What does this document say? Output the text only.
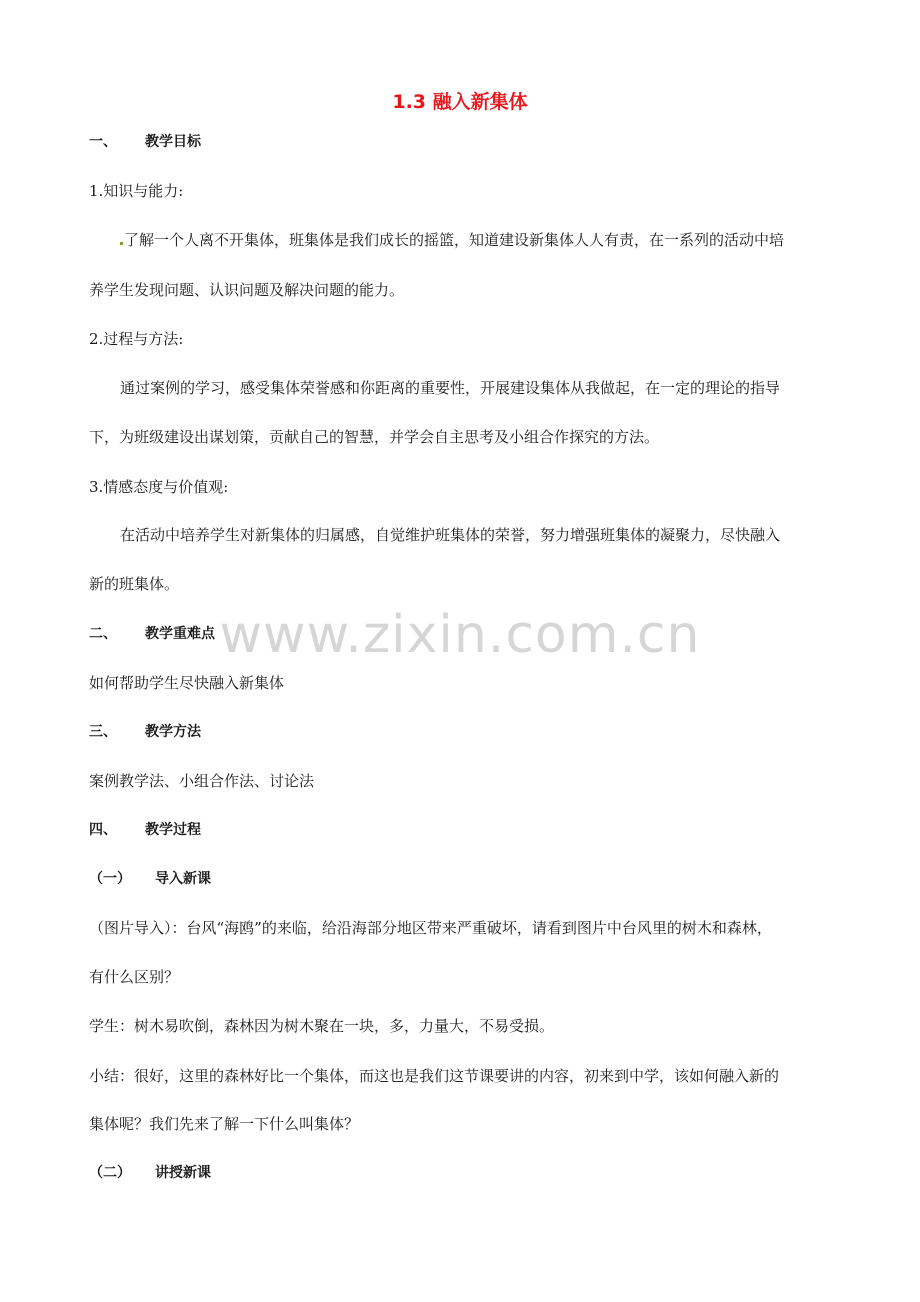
www.zixin.com.cn
1.3 融入新集体
一、 教学目标
1.知识与能力:
了解一个人离不开集体，班集体是我们成长的摇篮，知道建设新集体人人有责，在一系列的活动中培
养学生发现问题、认识问题及解决问题的能力。
2.过程与方法:
通过案例的学习，感受集体荣誉感和你距离的重要性，开展建设集体从我做起，在一定的理论的指导
下，为班级建设出谋划策，贡献自己的智慧，并学会自主思考及小组合作探究的方法。
3.情感态度与价值观:
在活动中培养学生对新集体的归属感，自觉维护班集体的荣誉，努力增强班集体的凝聚力，尽快融入
新的班集体。
二、 教学重难点
如何帮助学生尽快融入新集体
三、 教学方法
案例教学法、小组合作法、讨论法
四、 教学过程
（一） 导入新课
（图片导入）：台风“海鸥”的来临，给沿海部分地区带来严重破坏，请看到图片中台风里的树木和森林，
有什么区别？
学生：树木易吹倒，森林因为树木聚在一块，多，力量大，不易受损。
小结：很好，这里的森林好比一个集体，而这也是我们这节课要讲的内容，初来到中学，该如何融入新的
集体呢？我们先来了解一下什么叫集体？
（二） 讲授新课
